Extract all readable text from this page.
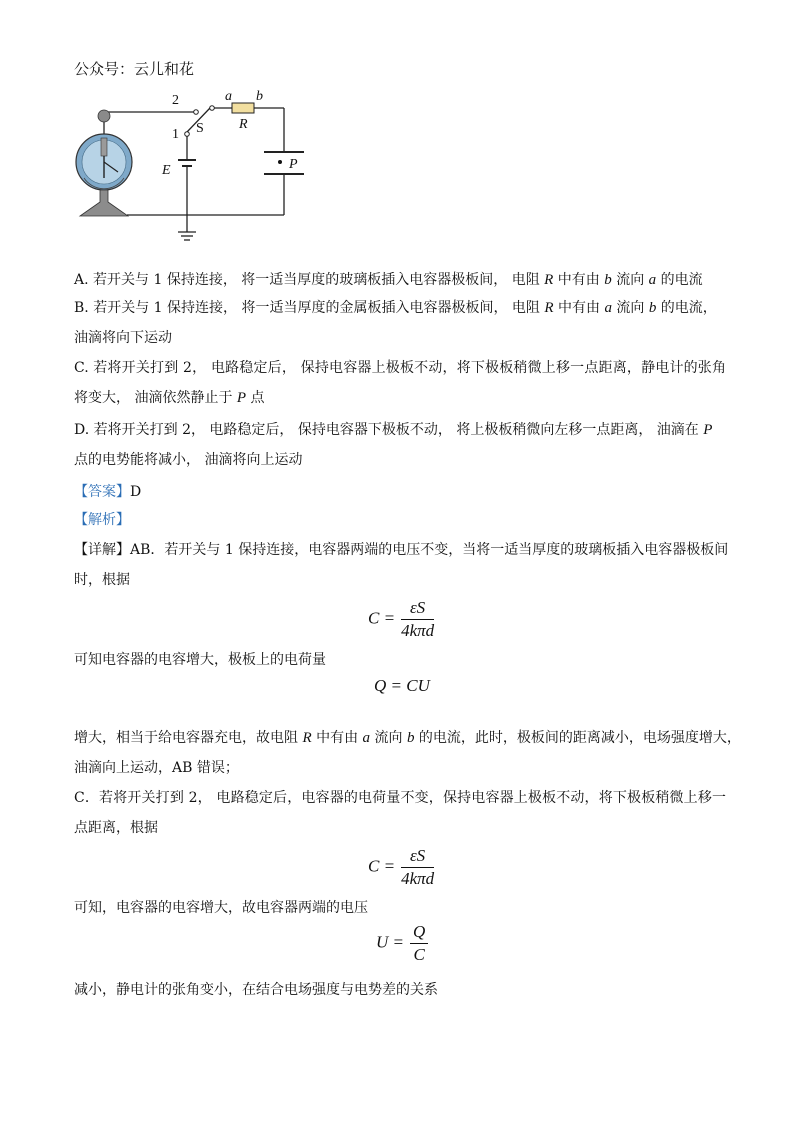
公众号：云儿和花
2
1 S
a b
R
E	P
A. 若开关与 1 保持连接， 将一适当厚度的玻璃板插入电容器极板间， 电阻 R 中有由 b 流向 a 的电流
B. 若开关与 1 保持连接， 将一适当厚度的金属板插入电容器极板间， 电阻 R 中有由 a 流向 b 的电流，
油滴将向下运动
C. 若将开关打到 2， 电路稳定后， 保持电容器上极板不动，将下极板稍微上移一点距离，静电计的张角
将变大， 油滴依然静止于 P 点
D. 若将开关打到 2， 电路稳定后， 保持电容器下极板不动， 将上极板稍微向左移一点距离， 油滴在 P
点的电势能将减小， 油滴将向上运动
【答案】D
【解析】
【详解】AB．若开关与 1 保持连接，电容器两端的电压不变，当将一适当厚度的玻璃板插入电容器极板间
时，根据
$C = \frac{\varepsilon S}{\text{4kπd}}$
可知电容器的电容增大，极板上的电荷量
Q = CU
增大，相当于给电容器充电，故电阻 R 中有由 a 流向 b 的电流，此时，极板间的距离减小，电场强度增大，
油滴向上运动，AB 错误；
C．若将开关打到 2， 电路稳定后，电容器的电荷量不变，保持电容器上极板不动，将下极板稍微上移一
点距离，根据
$C = \frac{\varepsilon S}{\text{4kπd}}$
可知，电容器的电容增大，故电容器两端的电压
$U = \frac{Q}{C}$
减小，静电计的张角变小，在结合电场强度与电势差的关系
